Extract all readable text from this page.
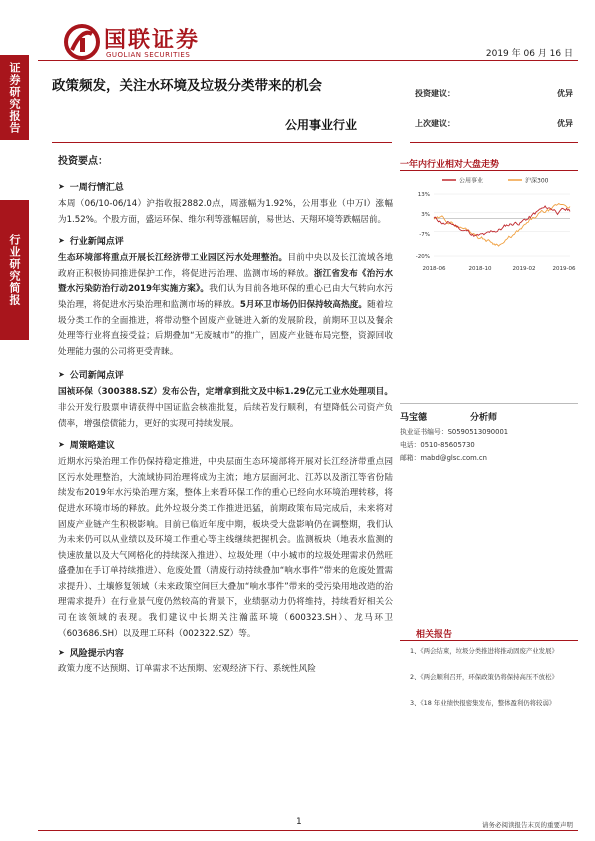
证券研究报告
行业研究简报
国联证券
GUOLIAN SECURITIES	2019 年 06 月 16 日
政策频发，关注水环境及垃圾分类带来的机会
公用事业行业
投资建议：	优异
上次建议：	优异
投资要点：
➤ 一周行情汇总
本周（06/10-06/14）沪指收报2882.0点，周涨幅为1.92%，公用事业（中万Ⅰ）涨幅为1.52%。个股方面，盛运环保、维尔利等涨幅居前，易世达、天翔环境等跌幅居前。
➤ 行业新闻点评
生态环境部将重点开展长江经济带工业园区污水处理整治。目前中央以及长江流域各地政府正积极协同推进保护工作，将促进污治理、监测市场的释放。浙江省发布《治污水暨水污染防治行动2019年实施方案》。我们认为目前各地环保的重心已由大气转向水污染治理，将促进水污染治理和监测市场的释放。5月环卫市场仍旧保持较高热度。随着垃圾分类工作的全面推进，将带动整个固废产业链进入新的发展阶段，前期环卫以及餐余处理等行业将直接受益；后期叠加“无废城市”的推广，固废产业链布局完整，资源回收处理能力强的公司将更受青睐。
➤ 公司新闻点评
国祯环保（300388.SZ）发布公告，定增拿到批文及中标1.29亿元工业水处理项目。非公开发行股票申请获得中国证监会核准批复，后续若发行顺利，有望降低公司资产负债率，增强偿债能力，更好的实现可持续发展。
➤ 周策略建议
近期水污染治理工作仍保持稳定推进，中央层面生态环境部将开展对长江经济带重点园区污水处理整治，大流域协同治理将成为主流；地方层面河北、江苏以及浙江等省份陆续发布2019年水污染治理方案，整体上来看环保工作的重心已经向水环境治理转移，将促进水环境市场的释放。此外垃圾分类工作推进迅猛，前期政策布局完成后，未来将对固废产业链产生积极影响。目前已临近年度中期，板块受大盘影响仍在调整期，我们认为未来仍可以从业绩以及环境工作重心等主线继续把握机会。监测板块（地表水监测的快速放量以及大气网格化的持续深入推进）、垃圾处理（中小城市的垃圾处理需求仍然旺盛叠加在手订单持续推进）、危废处置（清废行动持续叠加“响水事件”带来的危废处置需求提升）、土壤修复领域（未来政策空间巨大叠加“响水事件”带来的受污染用地改造的治理需求提升）在行业景气度仍然较高的背景下，业绩驱动力仍将维持，持续看好相关公司在该领域的表现。我们建议中长期关注瀚蓝环境（600323.SH）、龙马环卫（603686.SH）以及理工环科（002322.SZ）等。
➤ 风险提示内容
政策力度不达预期、订单需求不达预期、宏观经济下行、系统性风险
一年内行业相对大盘走势
公用事业	沪深300
13%
3%
-7%
-20%
2018-06	2018-10	2019-02	2019-06
马宝德	分析师
执业证书编号：S0590513090001
电话：0510-85605730
邮箱：mabd@glsc.com.cn
相关报告
1、《两会结束，垃圾分类推进将推动固废产业发展》
2、《两会顺利召开，环保政策仍将保持高压不放松》
3、《18 年业绩快报密集发布，整体盈利仍将较弱》
1	请务必阅读报告末页的重要声明
